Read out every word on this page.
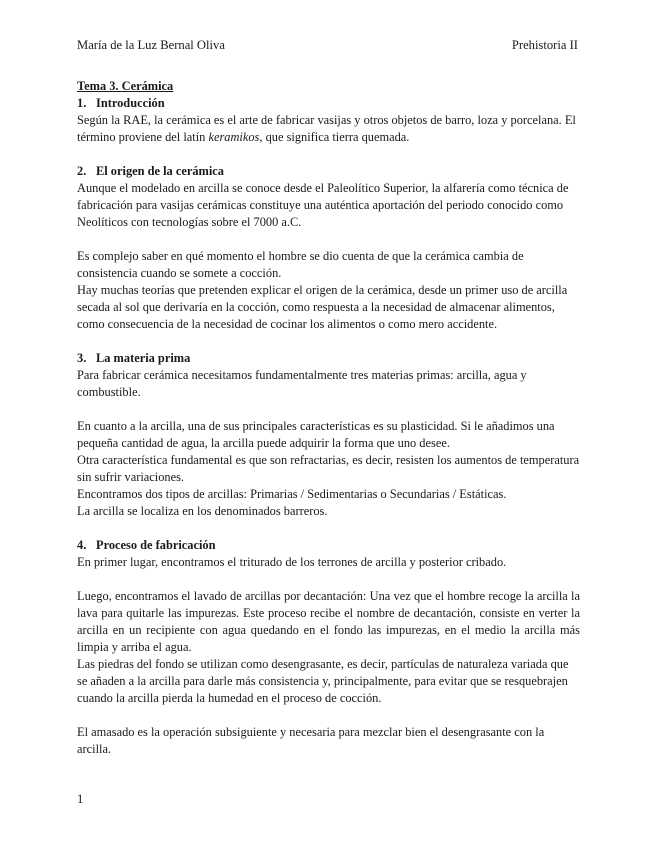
María de la Luz Bernal Oliva	Prehistoria II

Tema 3. Cerámica

1. Introducción

Según la RAE, la cerámica es el arte de fabricar vasijas y otros objetos de barro, loza y porcelana. El término proviene del latín keramikos, que significa tierra quemada.

2. El origen de la cerámica

Aunque el modelado en arcilla se conoce desde el Paleolítico Superior, la alfarería como técnica de fabricación para vasijas cerámicas constituye una auténtica aportación del periodo conocido como Neolíticos con tecnologías sobre el 7000 a.C.

Es complejo saber en qué momento el hombre se dio cuenta de que la cerámica cambia de consistencia cuando se somete a cocción.

Hay muchas teorías que pretenden explicar el origen de la cerámica, desde un primer uso de arcilla secada al sol que derivaría en la cocción, como respuesta a la necesidad de almacenar alimentos, como consecuencia de la necesidad de cocinar los alimentos o como mero accidente.

3. La materia prima

Para fabricar cerámica necesitamos fundamentalmente tres materias primas: arcilla, agua y combustible.

En cuanto a la arcilla, una de sus principales características es su plasticidad. Si le añadimos una pequeña cantidad de agua, la arcilla puede adquirir la forma que uno desee.

Otra característica fundamental es que son refractarias, es decir, resisten los aumentos de temperatura sin sufrir variaciones.

Encontramos dos tipos de arcillas: Primarias / Sedimentarias o Secundarias / Estáticas.

La arcilla se localiza en los denominados barreros.

4. Proceso de fabricación

En primer lugar, encontramos el triturado de los terrones de arcilla y posterior cribado.

Luego, encontramos el lavado de arcillas por decantación: Una vez que el hombre recoge la arcilla la lava para quitarle las impurezas. Este proceso recibe el nombre de decantación, consiste en verter la arcilla en un recipiente con agua quedando en el fondo las impurezas, en el medio la arcilla más limpia y arriba el agua.

Las piedras del fondo se utilizan como desengrasante, es decir, partículas de naturaleza variada que se añaden a la arcilla para darle más consistencia y, principalmente, para evitar que se resquebrajen cuando la arcilla pierda la humedad en el proceso de cocción.

El amasado es la operación subsiguiente y necesaria para mezclar bien el desengrasante con la arcilla.

1
